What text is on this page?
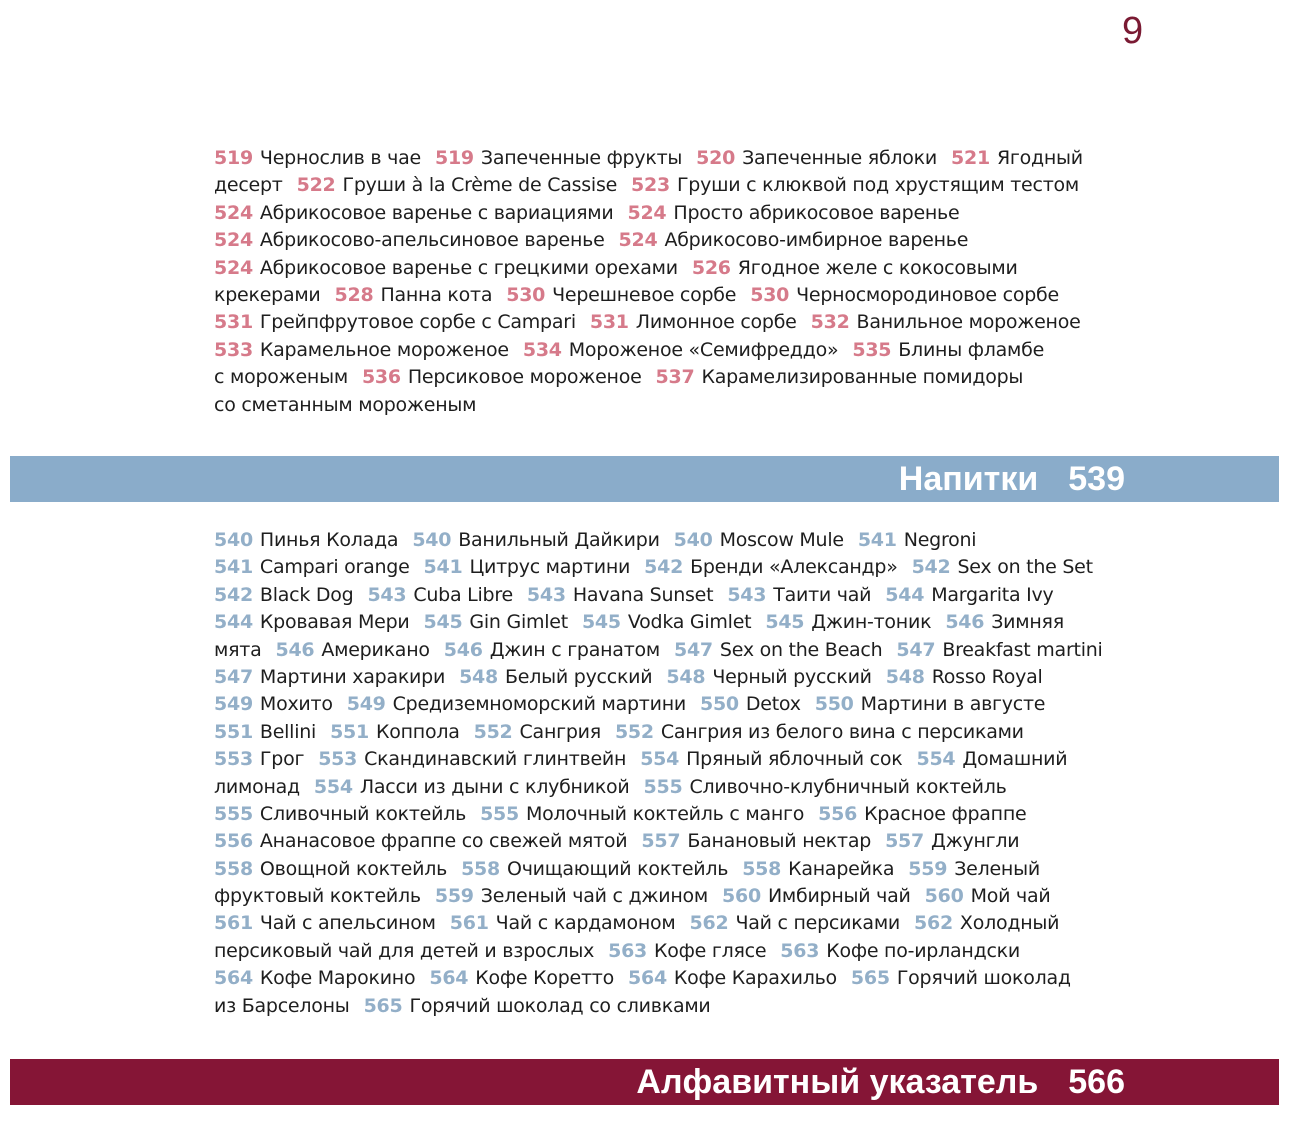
9
519 Чернослив в чае 519 Запеченные фрукты 520 Запеченные яблоки 521 Ягодный
десерт 522 Груши à la Crème de Cassise 523 Груши с клюквой под хрустящим тестом
524 Абрикосовое варенье с вариациями 524 Просто абрикосовое варенье
524 Абрикосово-апельсиновое варенье 524 Абрикосово-имбирное варенье
524 Абрикосовое варенье с грецкими орехами 526 Ягодное желе с кокосовыми
крекерами 528 Панна кота 530 Черешневое сорбе 530 Черносмородиновое сорбе
531 Грейпфрутовое сорбе с Campari 531 Лимонное сорбе 532 Ванильное мороженое
533 Карамельное мороженое 534 Мороженое «Семифреддо» 535 Блины фламбе
с мороженым 536 Персиковое мороженое 537 Карамелизированные помидоры
со сметанным мороженым
Напитки 539
540 Пинья Колада 540 Ванильный Дайкири 540 Moscow Mule 541 Negroni
541 Campari orange 541 Цитрус мартини 542 Бренди «Александр» 542 Sex on the Set
542 Black Dog 543 Cuba Libre 543 Havana Sunset 543 Таити чай 544 Margarita Ivy
544 Кровавая Мери 545 Gin Gimlet 545 Vodka Gimlet 545 Джин-тоник 546 Зимняя
мята 546 Американо 546 Джин с гранатом 547 Sex on the Beach 547 Breakfast martini
547 Мартини харакири 548 Белый русский 548 Черный русский 548 Rosso Royal
549 Мохито 549 Средиземноморский мартини 550 Detox 550 Мартини в августе
551 Bellini 551 Коппола 552 Сангрия 552 Сангрия из белого вина с персиками
553 Грог 553 Скандинавский глинтвейн 554 Пряный яблочный сок 554 Домашний
лимонад 554 Ласси из дыни с клубникой 555 Сливочно-клубничный коктейль
555 Сливочный коктейль 555 Молочный коктейль с манго 556 Красное фраппе
556 Ананасовое фраппе со свежей мятой 557 Банановый нектар 557 Джунгли
558 Овощной коктейль 558 Очищающий коктейль 558 Канарейка 559 Зеленый
фруктовый коктейль 559 Зеленый чай с джином 560 Имбирный чай 560 Мой чай
561 Чай с апельсином 561 Чай с кардамоном 562 Чай с персиками 562 Холодный
персиковый чай для детей и взрослых 563 Кофе глясе 563 Кофе по-ирландски
564 Кофе Марокино 564 Кофе Коретто 564 Кофе Карахильо 565 Горячий шоколад
из Барселоны 565 Горячий шоколад со сливками
Алфавитный указатель 566
